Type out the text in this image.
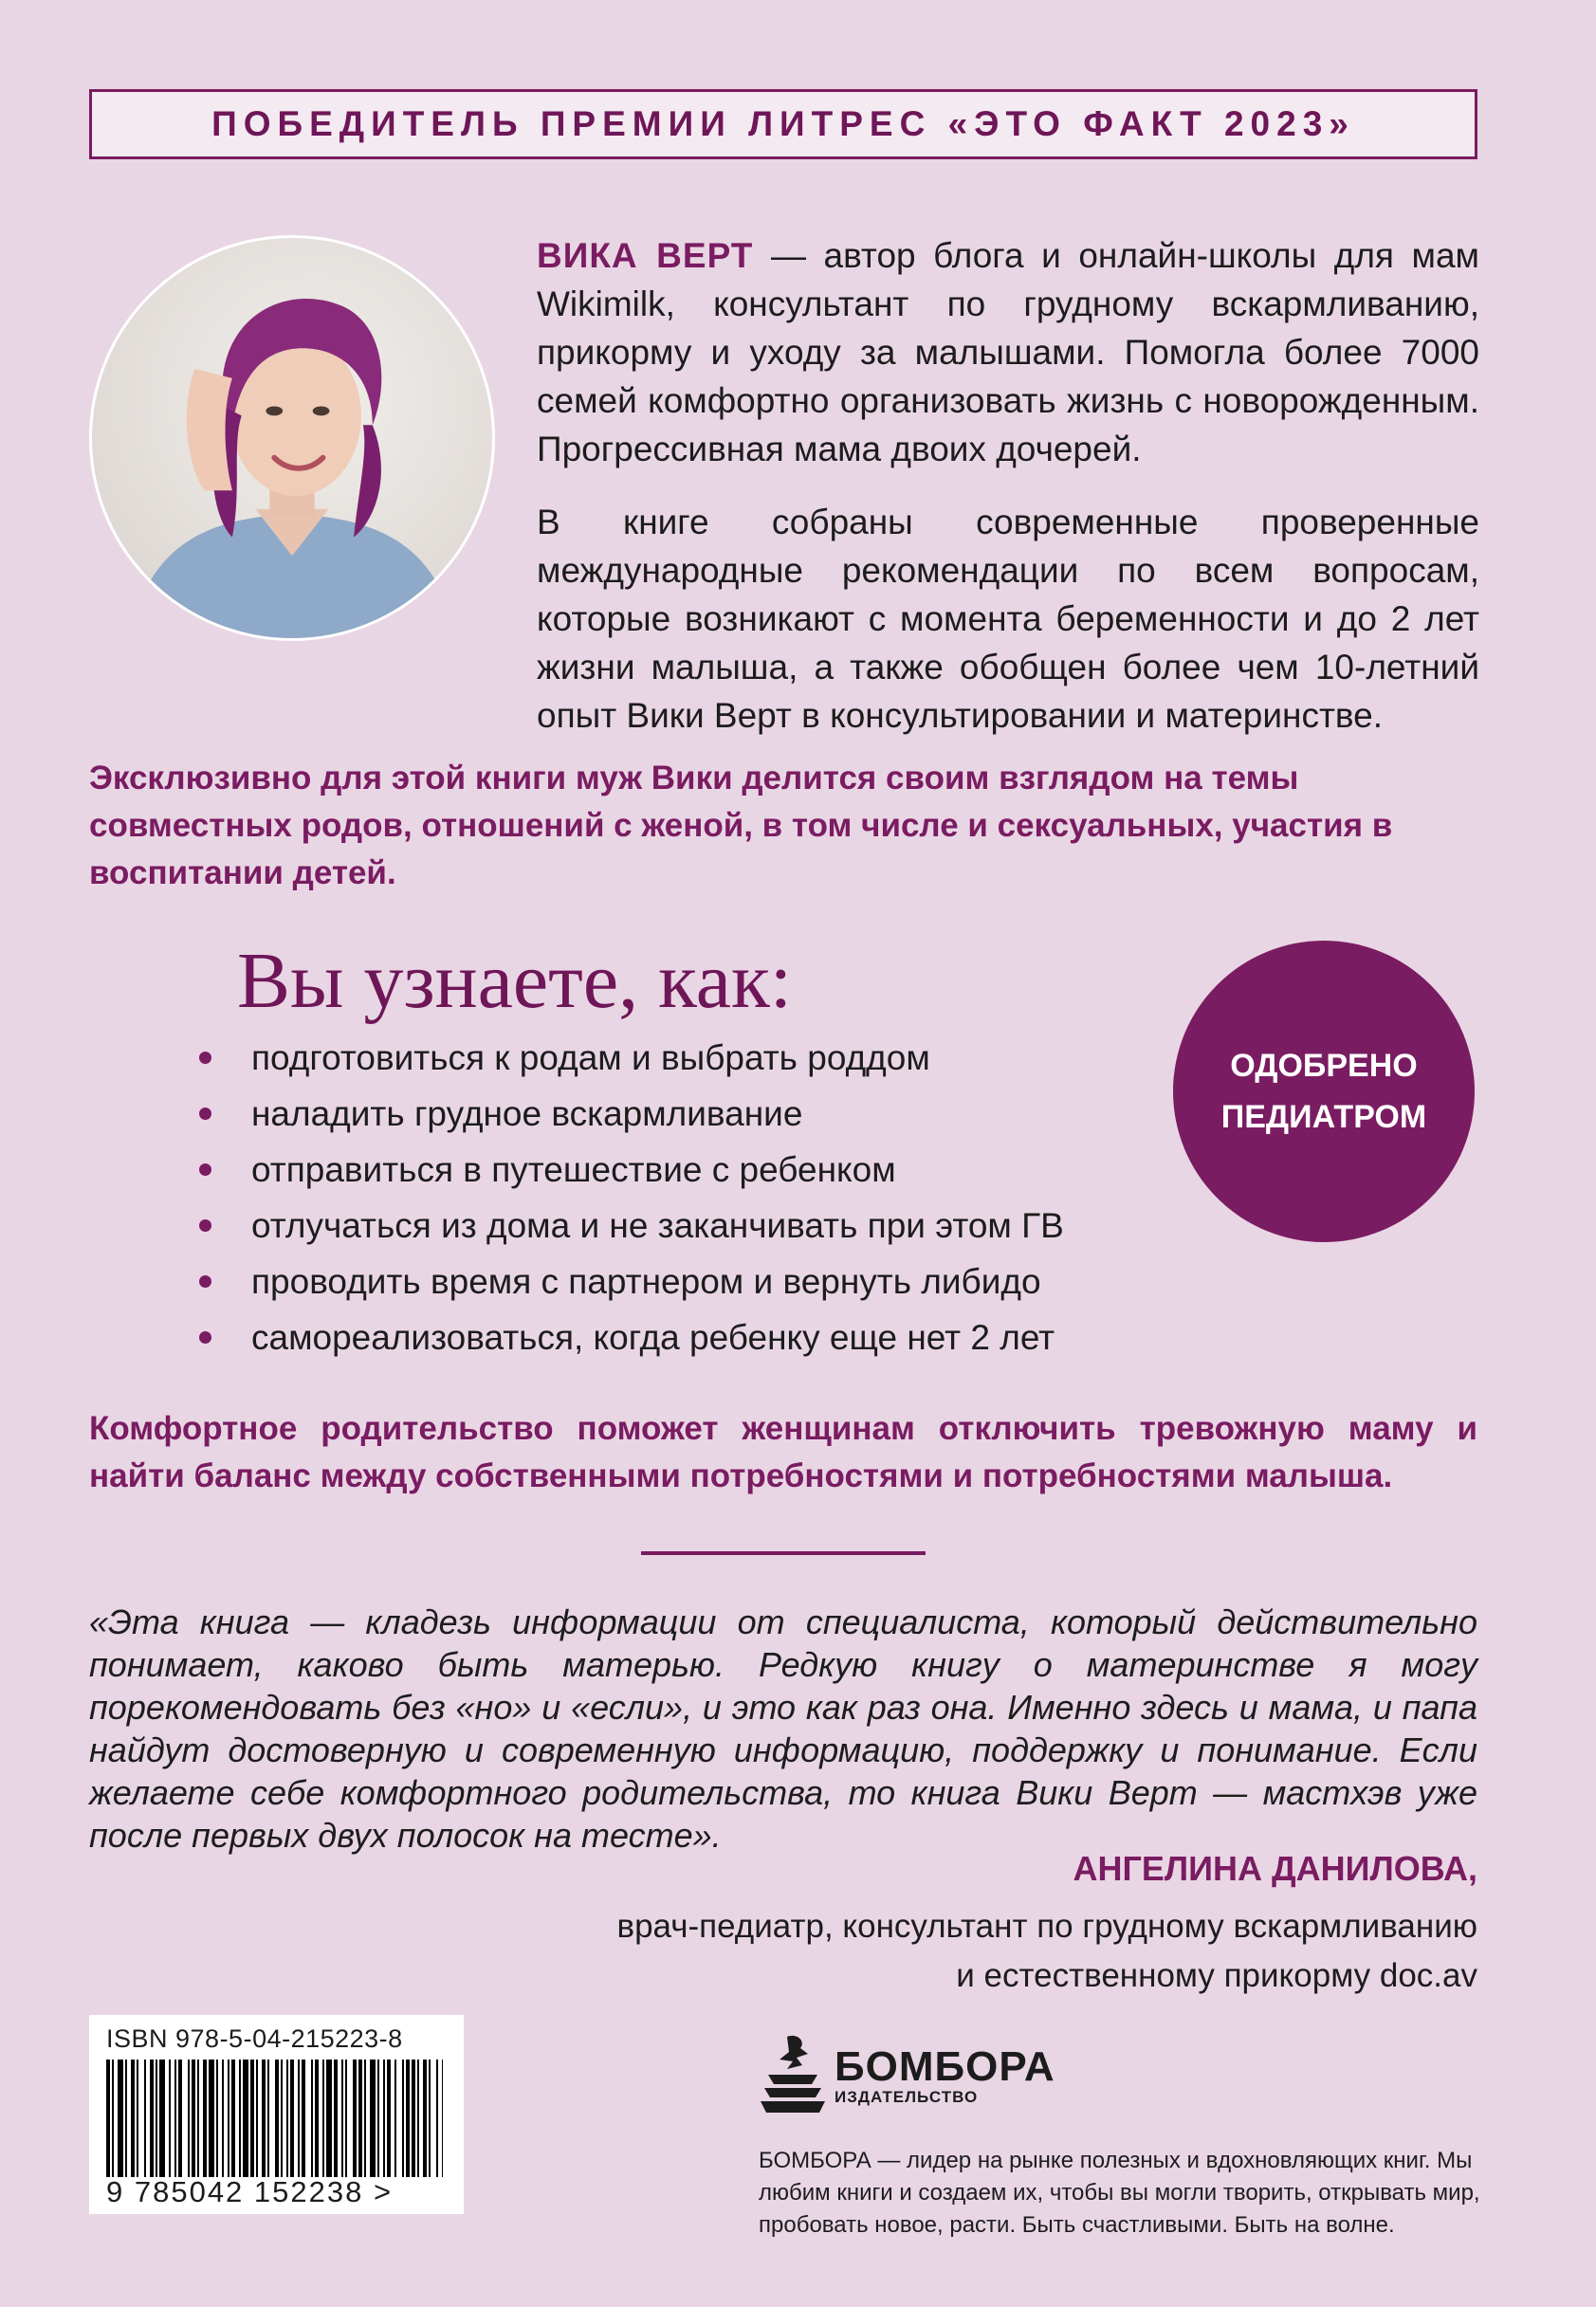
ПОБЕДИТЕЛЬ ПРЕМИИ ЛИТРЕС «ЭТО ФАКТ 2023»

ВИКА ВЕРТ — автор блога и онлайн-школы для мам Wikimilk, консультант по грудному вскармливанию, прикорму и уходу за малышами. Помогла более 7000 семей комфортно организовать жизнь с новорожденным. Прогрессивная мама двоих дочерей.

В книге собраны современные проверенные международные рекомендации по всем вопросам, которые возникают с момента беременности и до 2 лет жизни малыша, а также обобщен более чем 10-летний опыт Вики Верт в консультировании и материнстве.

Эксклюзивно для этой книги муж Вики делится своим взглядом на темы совместных родов, отношений с женой, в том числе и сексуальных, участия в воспитании детей.
Вы узнаете, как:
подготовиться к родам и выбрать роддом
наладить грудное вскармливание
отправиться в путешествие с ребенком
отлучаться из дома и не заканчивать при этом ГВ
проводить время с партнером и вернуть либидо
самореализоваться, когда ребенку еще нет 2 лет
ОДОБРЕНО
ПЕДИАТРОМ
Комфортное родительство поможет женщинам отключить тревожную маму и найти баланс между собственными потребностями и потребностями малыша.
«Эта книга — кладезь информации от специалиста, который действительно понимает, каково быть матерью. Редкую книгу о материнстве я могу порекомендовать без «но» и «если», и это как раз она. Именно здесь и мама, и папа найдут достоверную и современную информацию, поддержку и понимание. Если желаете себе комфортного родительства, то книга Вики Верт — мастхэв уже после первых двух полосок на тесте».
АНГЕЛИНА ДАНИЛОВА,
врач-педиатр, консультант по грудному вскармливанию
и естественному прикорму doc.av
ISBN 978-5-04-215223-8
9 785042 152238 >
БОМБОРА
ИЗДАТЕЛЬСТВО
БОМБОРА — лидер на рынке полезных и вдохновляющих книг. Мы любим книги и создаем их, чтобы вы могли творить, открывать мир, пробовать новое, расти. Быть счастливыми. Быть на волне.
